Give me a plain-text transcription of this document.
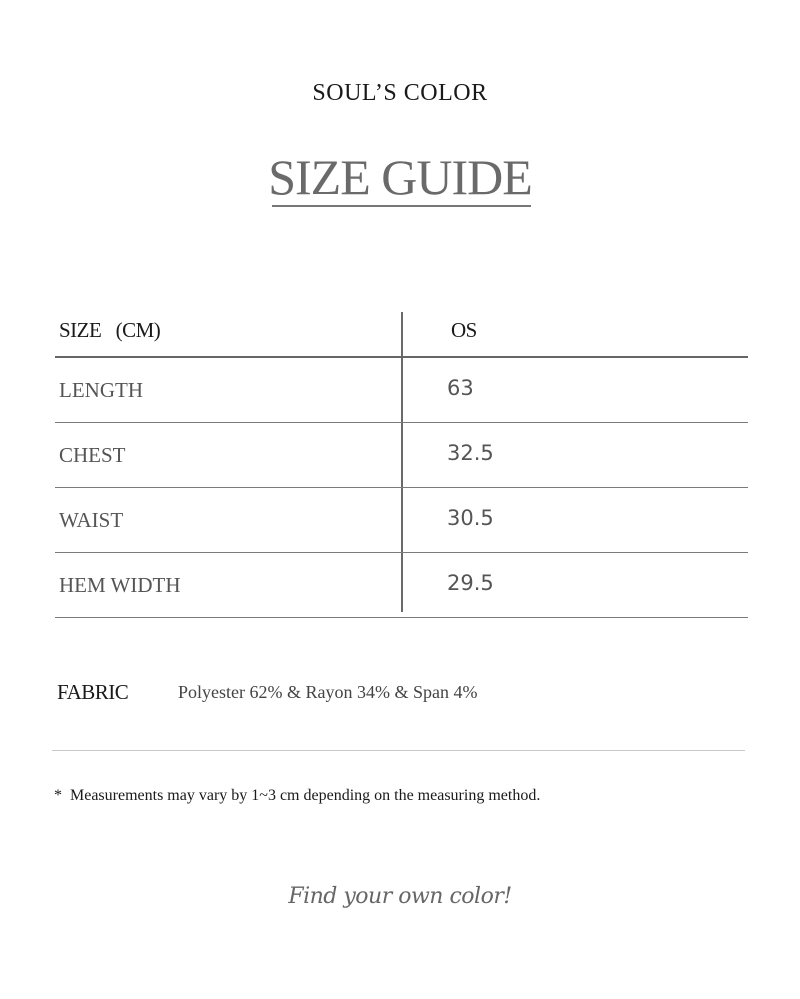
SOUL’S COLOR
SIZE GUIDE
SIZE   (CM)	OS
LENGTH	63
CHEST	32.5
WAIST	30.5
HEM WIDTH	29.5
FABRIC	Polyester 62% & Rayon 34% & Span 4%
* Measurements may vary by 1~3 cm depending on the measuring method.
Find your own color!
